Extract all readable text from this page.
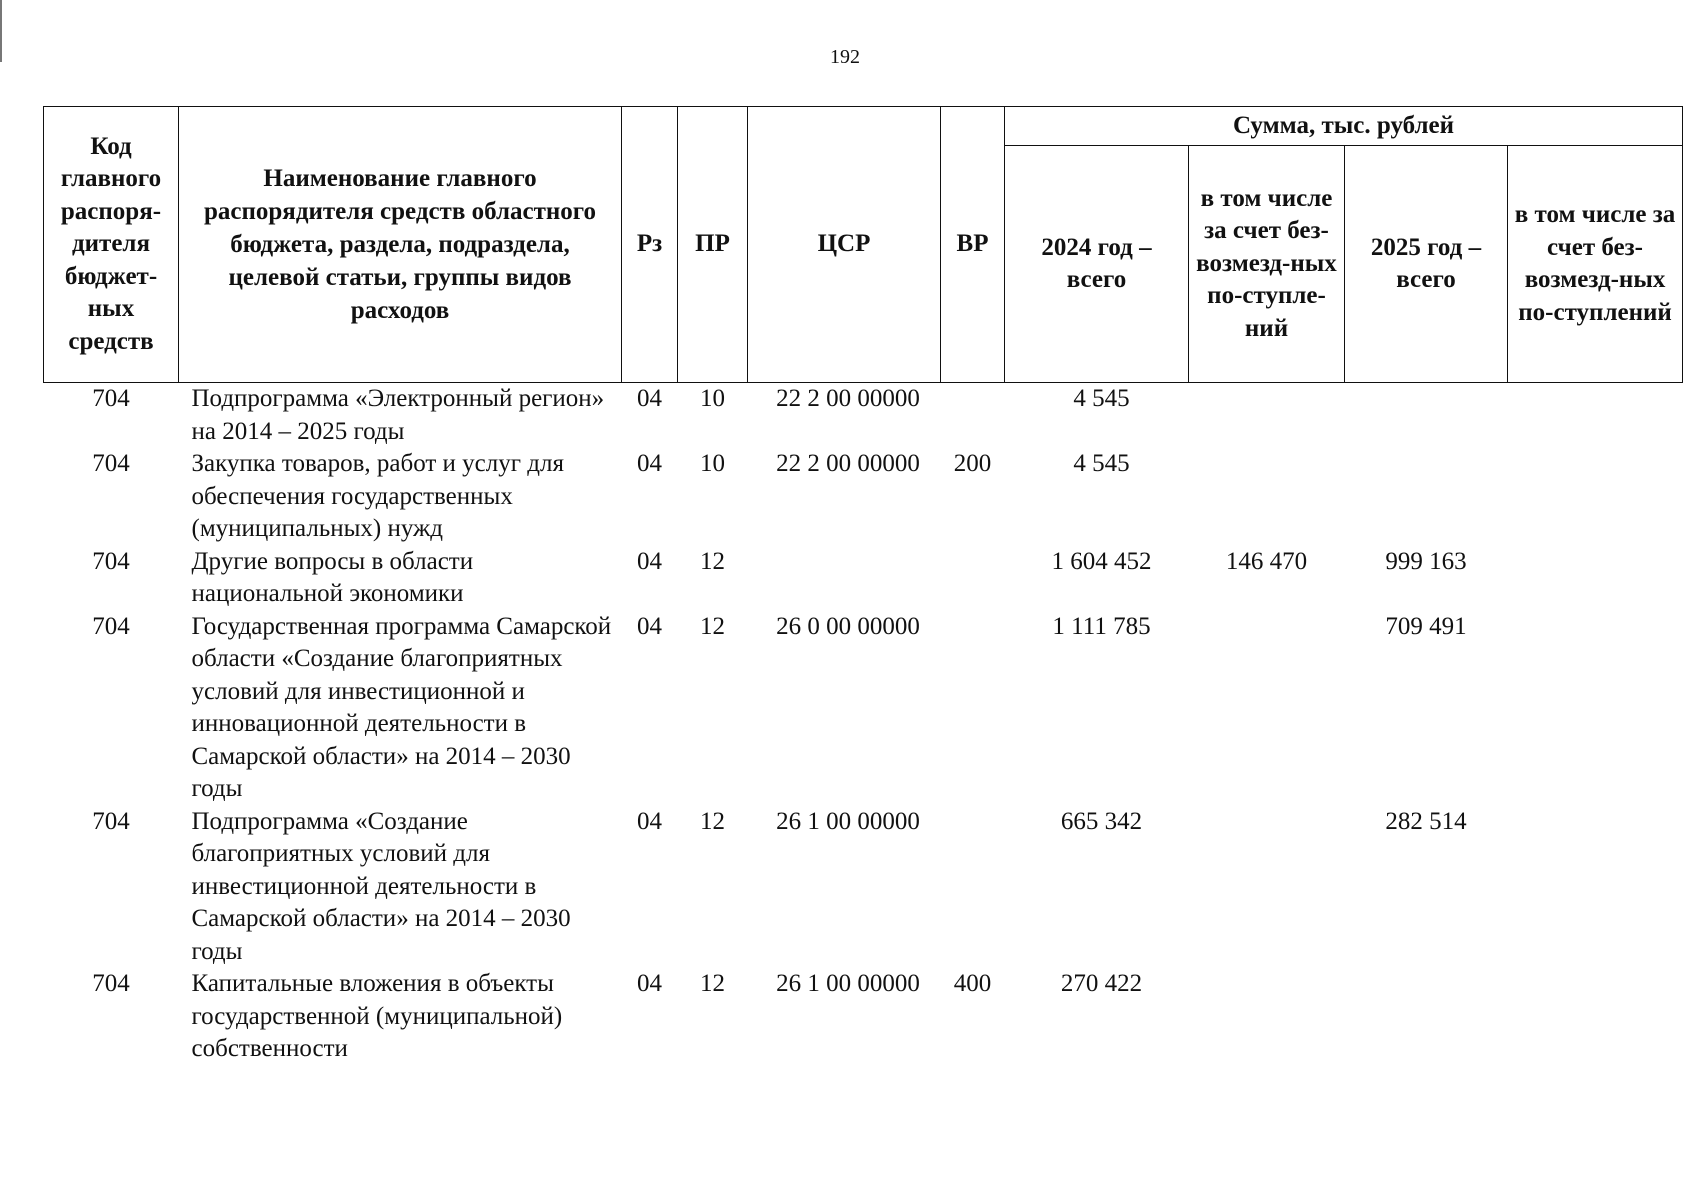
192
Код главного распоря-дителя бюджет-ных средств	Наименование главного распорядителя средств областного бюджета, раздела, подраздела, целевой статьи, группы видов расходов	Рз	ПР	ЦСР	ВР	Сумма, тыс. рублей			
						2024 год – всего	в том числе за счет без-возмезд-ных по-ступле-ний	2025 год – всего	в том числе за счет без-возмезд-ных по-ступлений
704	Подпрограмма «Электронный регион» на 2014 – 2025 годы	04	10	22 2 00 00000		4 545			
704	Закупка товаров, работ и услуг для обеспечения государственных (муниципальных) нужд	04	10	22 2 00 00000	200	4 545			
704	Другие вопросы в области национальной экономики	04	12			1 604 452	146 470	999 163	
704	Государственная программа Самарской области «Создание благоприятных условий для инвестиционной и инновационной деятельности в Самарской области» на 2014 – 2030 годы	04	12	26 0 00 00000		1 111 785		709 491	
704	Подпрограмма «Создание благоприятных условий для инвестиционной деятельности в Самарской области» на 2014 – 2030 годы	04	12	26 1 00 00000		665 342		282 514	
704	Капитальные вложения в объекты государственной (муниципальной) собственности	04	12	26 1 00 00000	400	270 422			
